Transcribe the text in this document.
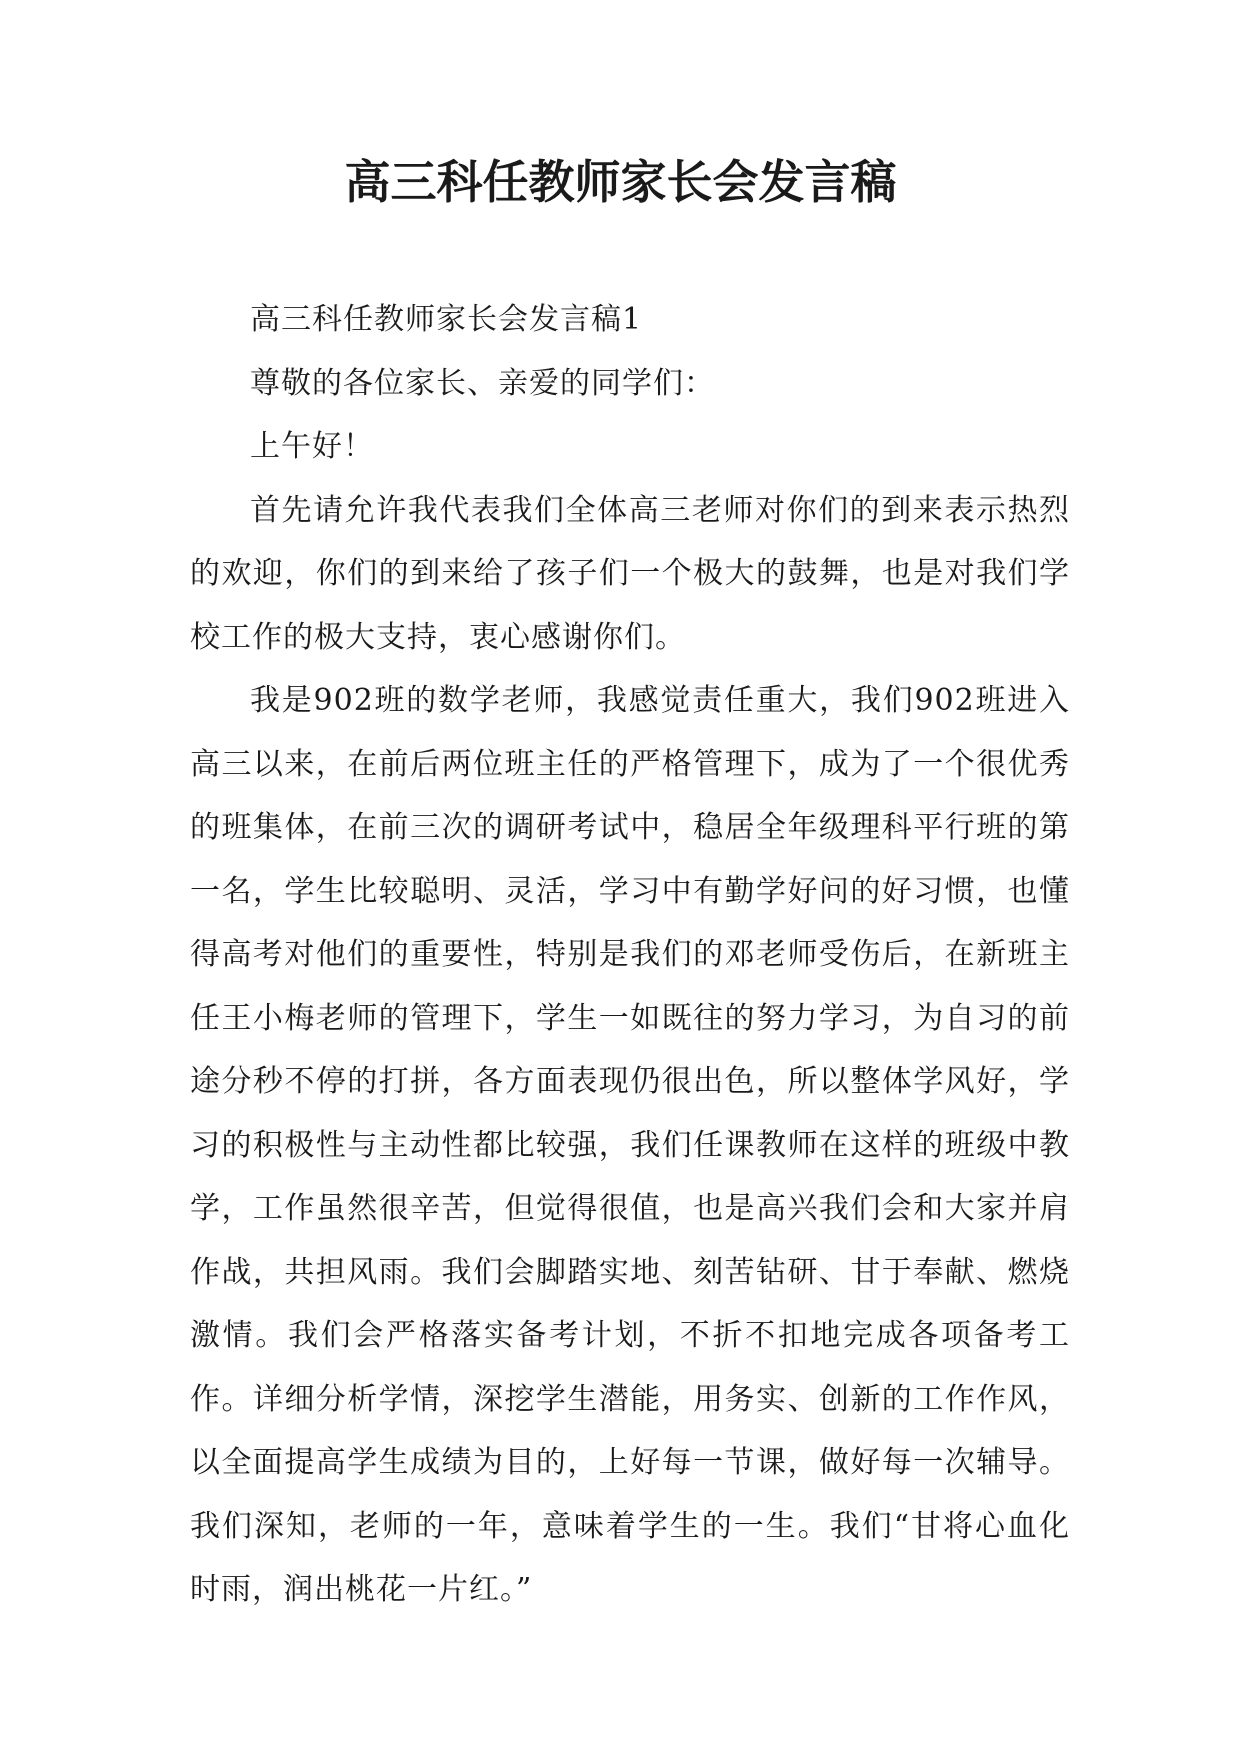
高三科任教师家长会发言稿

高三科任教师家长会发言稿1

尊敬的各位家长、亲爱的同学们：

上午好！

首先请允许我代表我们全体高三老师对你们的到来表示热烈的欢迎，你们的到来给了孩子们一个极大的鼓舞，也是对我们学校工作的极大支持，衷心感谢你们。

我是902班的数学老师，我感觉责任重大，我们902班进入高三以来，在前后两位班主任的严格管理下，成为了一个很优秀的班集体，在前三次的调研考试中，稳居全年级理科平行班的第一名，学生比较聪明、灵活，学习中有勤学好问的好习惯，也懂得高考对他们的重要性，特别是我们的邓老师受伤后，在新班主任王小梅老师的管理下，学生一如既往的努力学习，为自习的前途分秒不停的打拼，各方面表现仍很出色，所以整体学风好，学习的积极性与主动性都比较强，我们任课教师在这样的班级中教学，工作虽然很辛苦，但觉得很值，也是高兴我们会和大家并肩作战，共担风雨。我们会脚踏实地、刻苦钻研、甘于奉献、燃烧激情。我们会严格落实备考计划，不折不扣地完成各项备考工作。详细分析学情，深挖学生潜能，用务实、创新的工作作风，以全面提高学生成绩为目的，上好每一节课，做好每一次辅导。我们深知，老师的一年，意味着学生的一生。我们“甘将心血化时雨，润出桃花一片红。”
